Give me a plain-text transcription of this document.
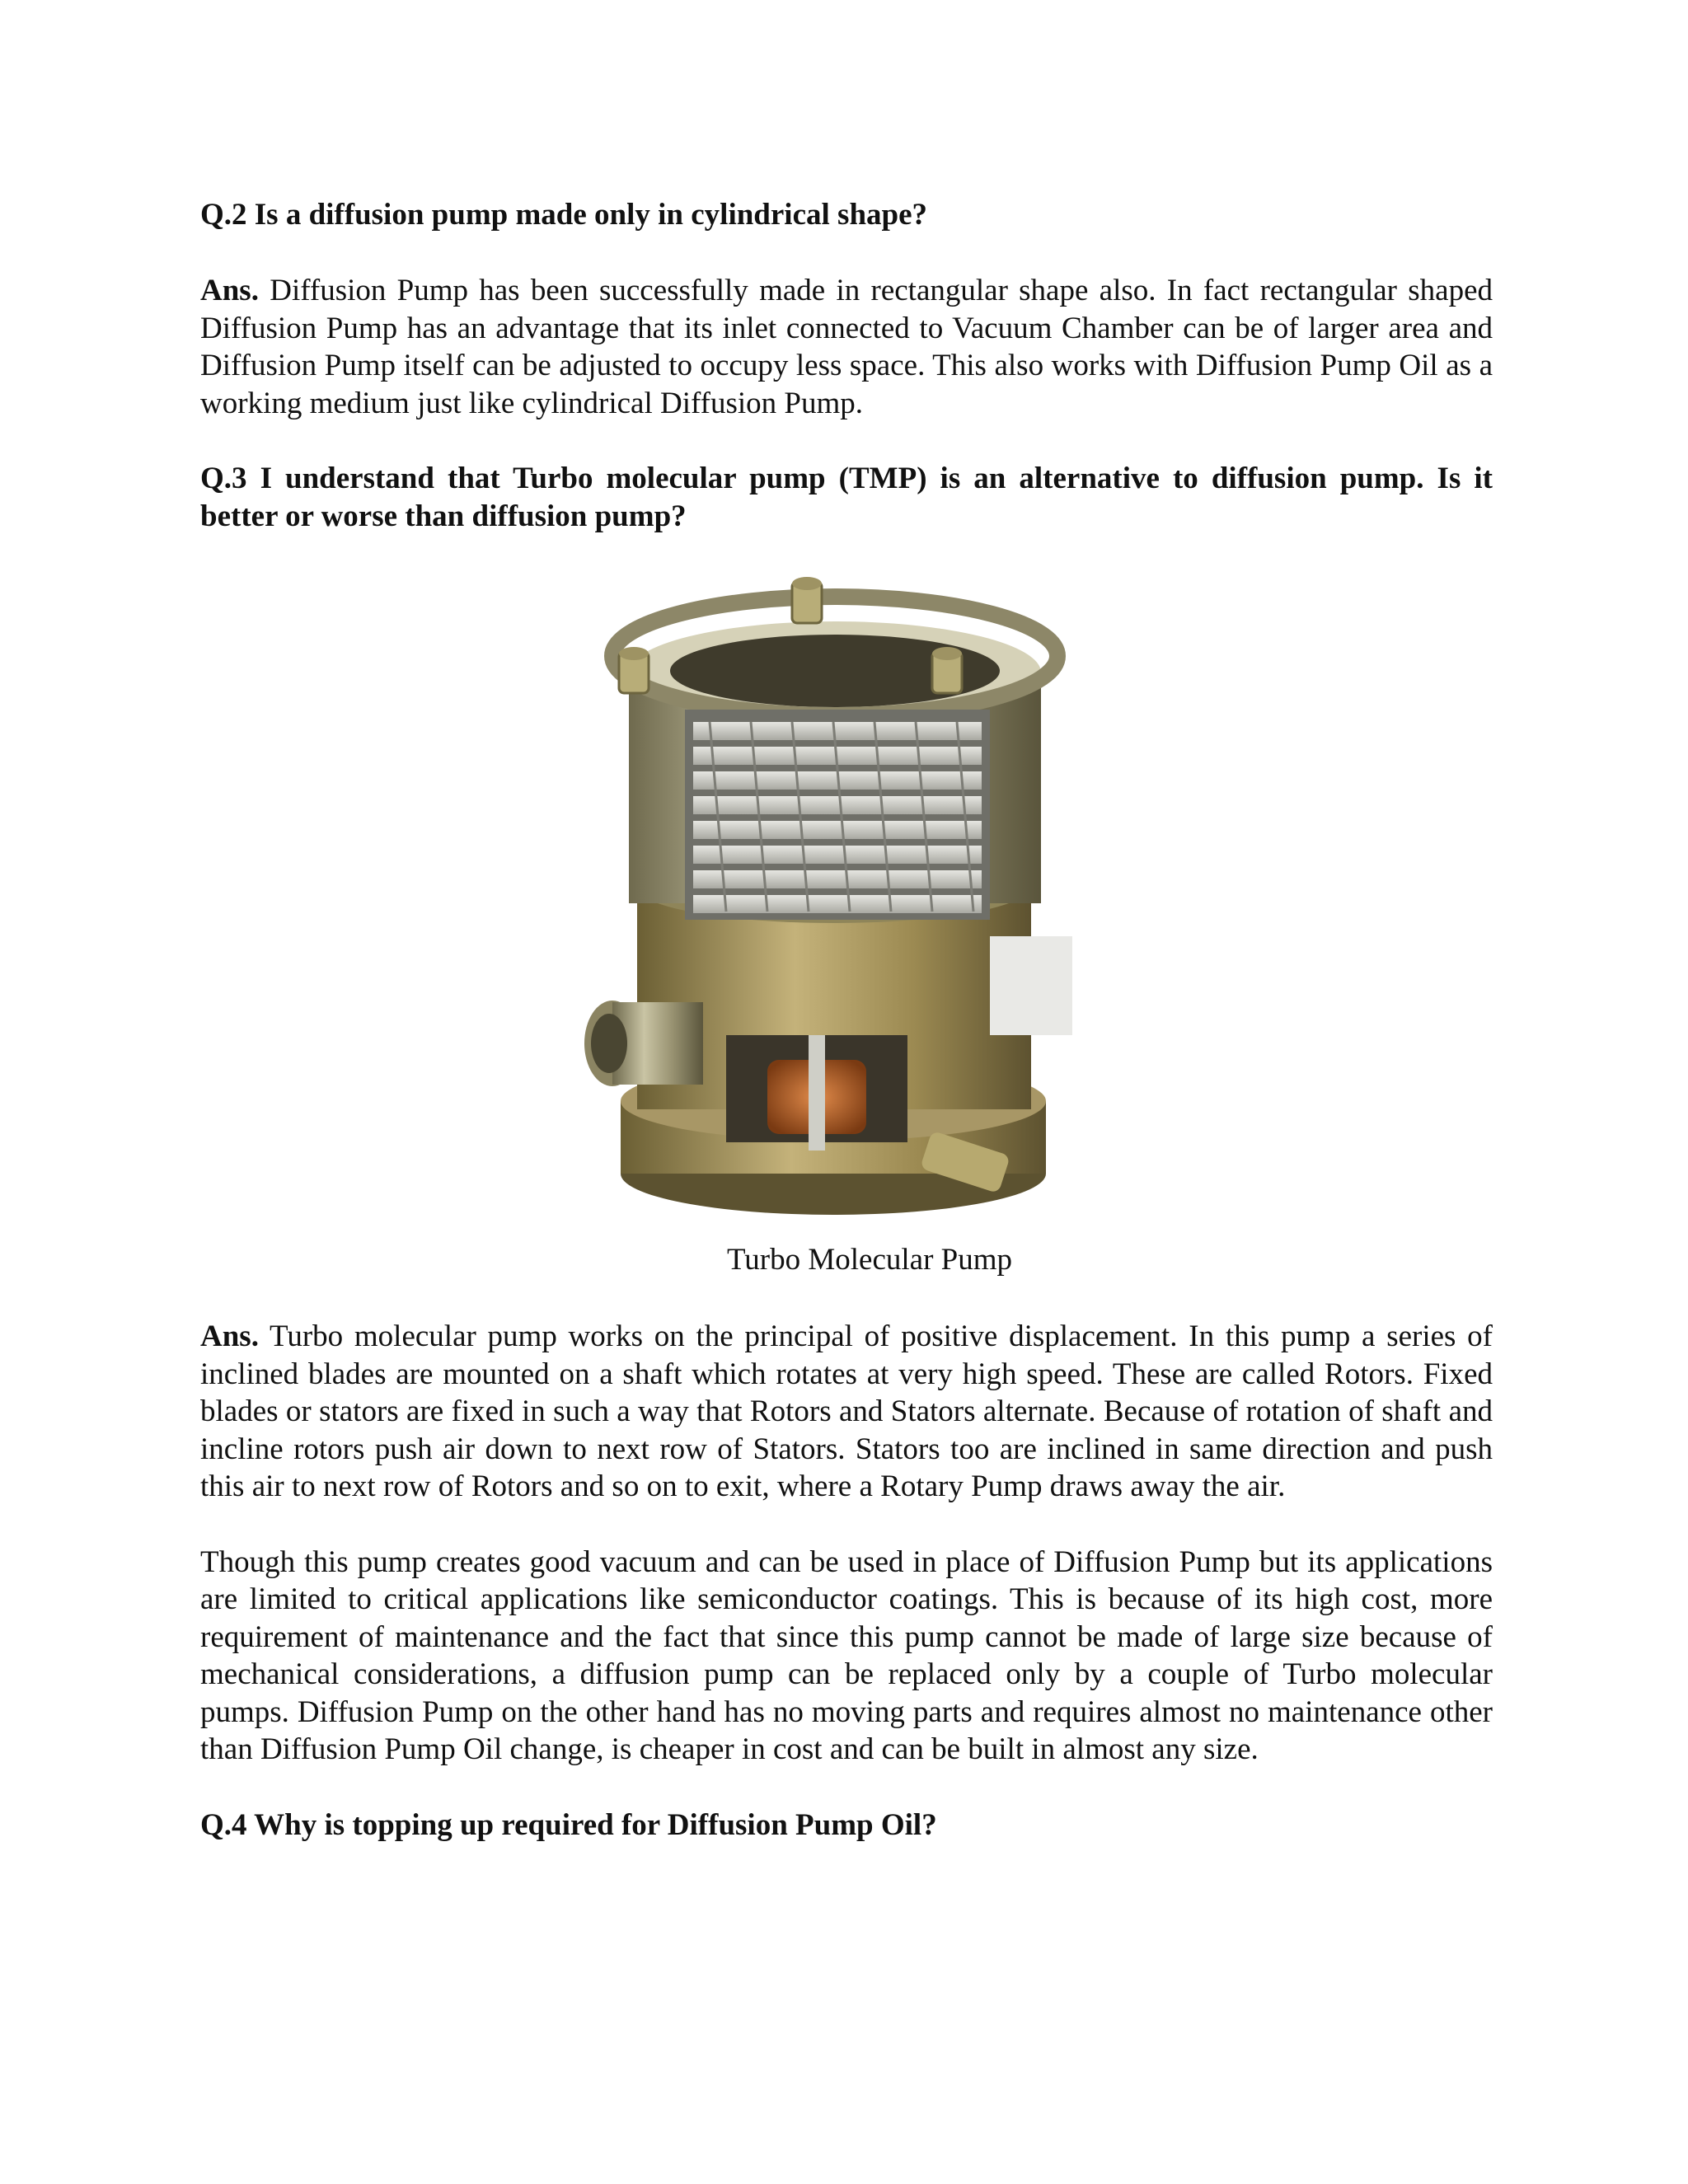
Q.2 Is a diffusion pump made only in cylindrical shape?

Ans. Diffusion Pump has been successfully made in rectangular shape also. In fact rectangular shaped Diffusion Pump has an advantage that its inlet connected to Vacuum Chamber can be of larger area and Diffusion Pump itself can be adjusted to occupy less space. This also works with Diffusion Pump Oil as a working medium just like cylindrical Diffusion Pump.

Q.3 I understand that Turbo molecular pump (TMP) is an alternative to diffusion pump. Is it better or worse than diffusion pump?

Turbo Molecular Pump

Ans. Turbo molecular pump works on the principal of positive displacement. In this pump a series of inclined blades are mounted on a shaft which rotates at very high speed. These are called Rotors. Fixed blades or stators are fixed in such a way that Rotors and Stators alternate. Because of rotation of shaft and incline rotors push air down to next row of Stators. Stators too are inclined in same direction and push this air to next row of Rotors and so on to exit, where a Rotary Pump draws away the air.

Though this pump creates good vacuum and can be used in place of Diffusion Pump but its applications are limited to critical applications like semiconductor coatings. This is because of its high cost, more requirement of maintenance and the fact that since this pump cannot be made of large size because of mechanical considerations, a diffusion pump can be replaced only by a couple of Turbo molecular pumps. Diffusion Pump on the other hand has no moving parts and requires almost no maintenance other than Diffusion Pump Oil change, is cheaper in cost and can be built in almost any size.

Q.4 Why is topping up required for Diffusion Pump Oil?
